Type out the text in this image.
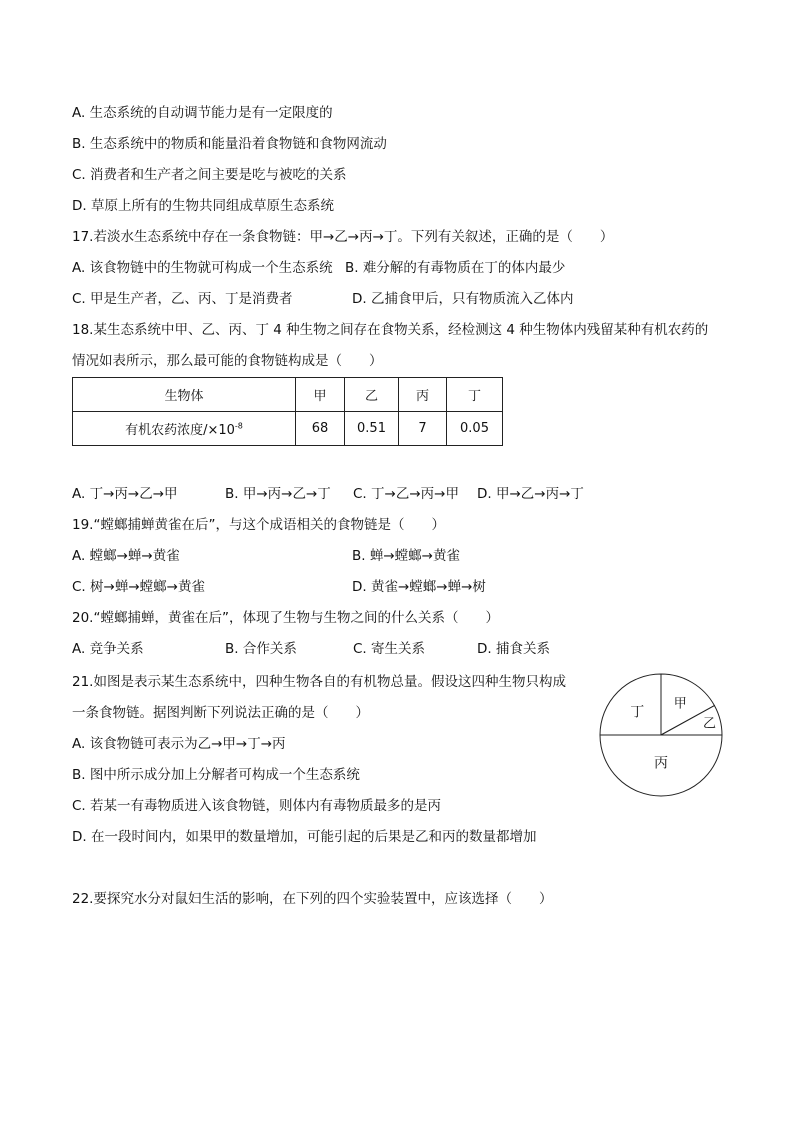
A. 生态系统的自动调节能力是有一定限度的
B. 生态系统中的物质和能量沿着食物链和食物网流动
C. 消费者和生产者之间主要是吃与被吃的关系
D. 草原上所有的生物共同组成草原生态系统
17.若淡水生态系统中存在一条食物链：甲→乙→丙→丁。下列有关叙述，正确的是（　　）
A. 该食物链中的生物就可构成一个生态系统 B. 难分解的有毒物质在丁的体内最少
C. 甲是生产者，乙、丙、丁是消费者	D. 乙捕食甲后，只有物质流入乙体内
18.某生态系统中甲、乙、丙、丁 4 种生物之间存在食物关系，经检测这 4 种生物体内残留某种有机农药的
情况如表所示，那么最可能的食物链构成是（　　）
生物体	甲	乙	丙	丁
有机农药浓度$/\times 10^{-8}$	68	0.51	7	0.05
A. 丁→丙→乙→甲	B. 甲→丙→乙→丁 C. 丁→乙→丙→甲 D. 甲→乙→丙→丁
19.“螳螂捕蝉黄雀在后”，与这个成语相关的食物链是（　　）
A. 螳螂→蝉→黄雀	B. 蝉→螳螂→黄雀
C. 树→蝉→螳螂→黄雀	D. 黄雀→螳螂→蝉→树
20.“螳螂捕蝉，黄雀在后”，体现了生物与生物之间的什么关系（　　）
A. 竞争关系	B. 合作关系	C. 寄生关系	D. 捕食关系
21.如图是表示某生态系统中，四种生物各自的有机物总量。假设这四种生物只构成
一条食物链。据图判断下列说法正确的是（　　）
A. 该食物链可表示为乙→甲→丁→丙
B. 图中所示成分加上分解者可构成一个生态系统
C. 若某一有毒物质进入该食物链，则体内有毒物质最多的是丙
D. 在一段时间内，如果甲的数量增加，可能引起的后果是乙和丙的数量都增加
丁
甲
乙
丙
22.要探究水分对鼠妇生活的影响，在下列的四个实验装置中，应该选择（　　）
